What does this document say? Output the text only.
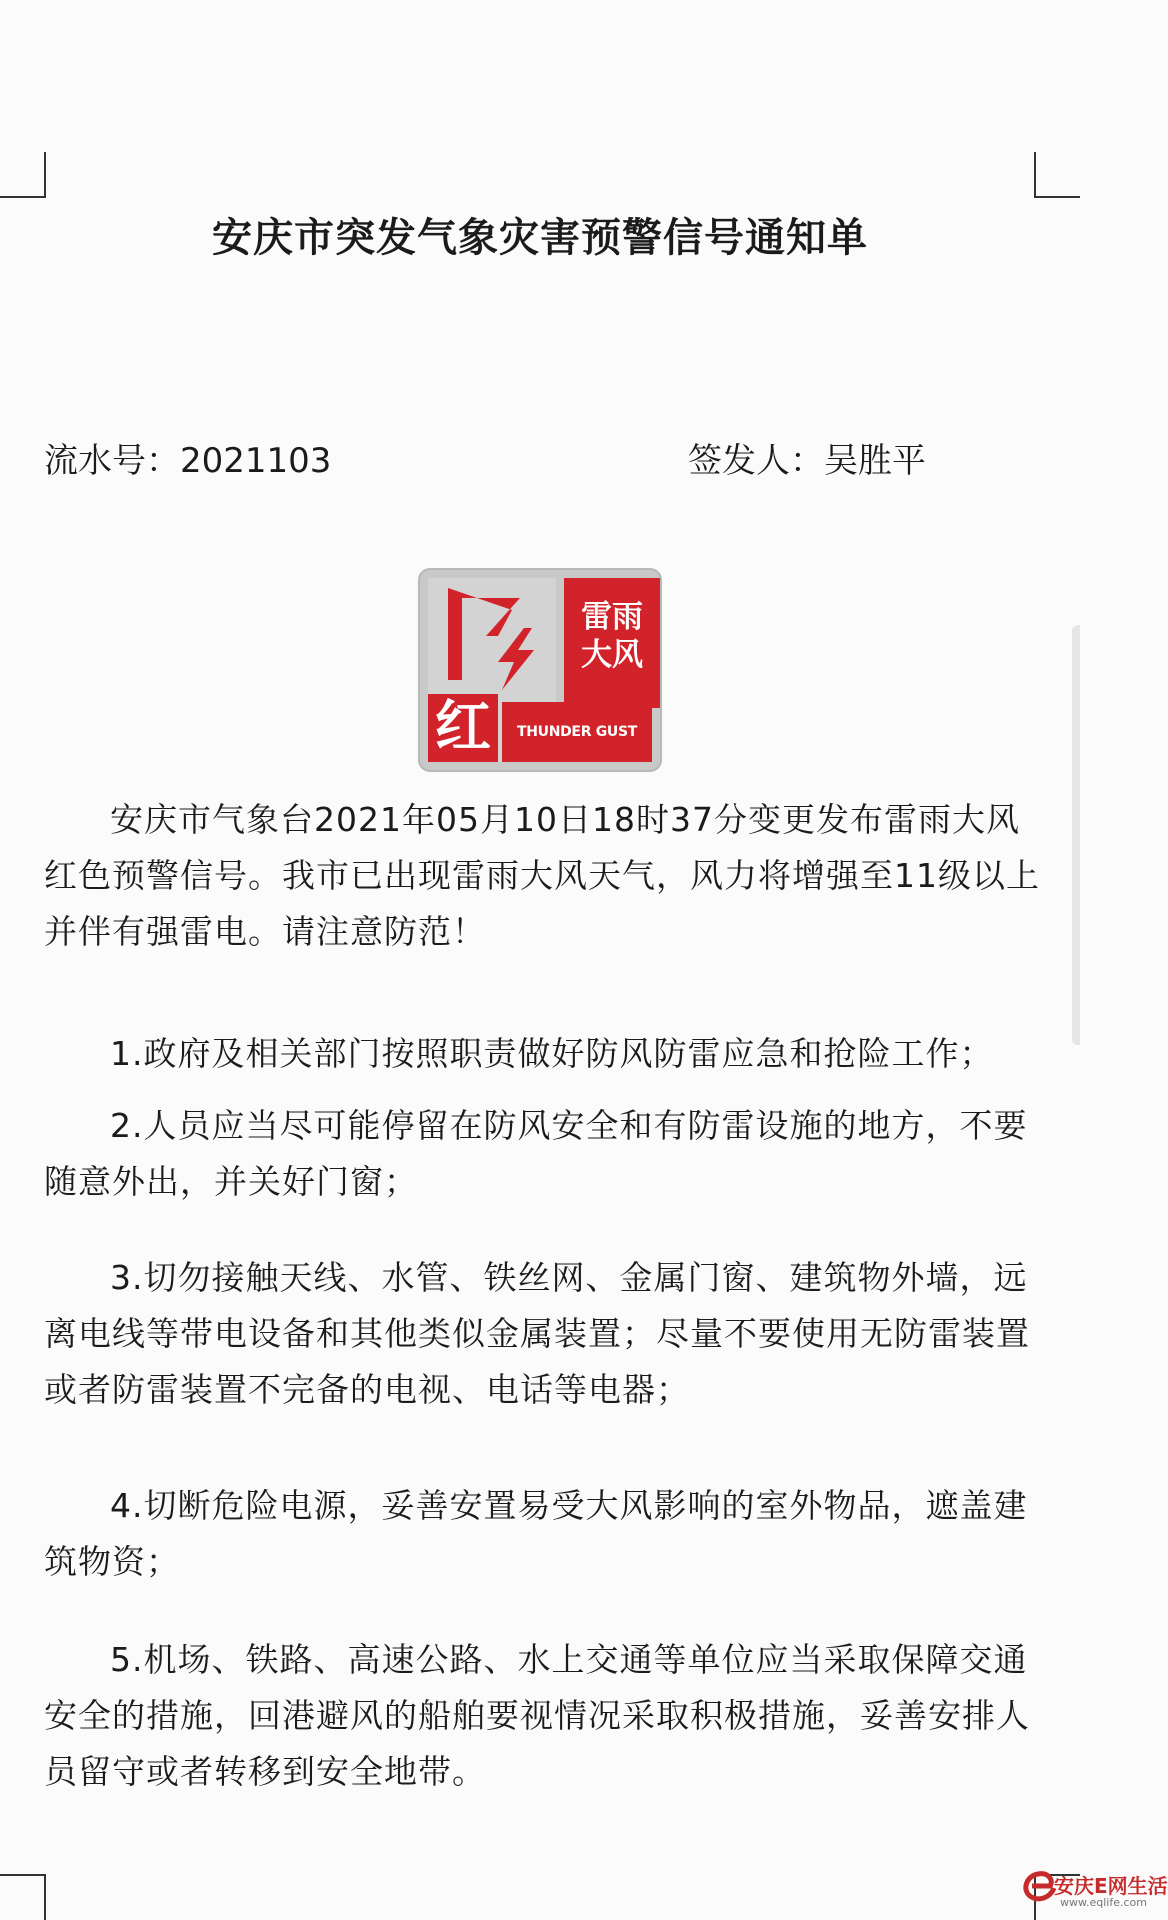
安庆市突发气象灾害预警信号通知单
流水号：2021103	签发人：吴胜平
雷雨
大风
红	THUNDER GUST

安庆市气象台2021年05月10日18时37分变更发布雷雨大风红色预警信号。我市已出现雷雨大风天气，风力将增强至11级以上并伴有强雷电。请注意防范！

1.政府及相关部门按照职责做好防风防雷应急和抢险工作；

2.人员应当尽可能停留在防风安全和有防雷设施的地方，不要随意外出，并关好门窗；

3.切勿接触天线、水管、铁丝网、金属门窗、建筑物外墙，远离电线等带电设备和其他类似金属装置；尽量不要使用无防雷装置或者防雷装置不完备的电视、电话等电器；

4.切断危险电源，妥善安置易受大风影响的室外物品，遮盖建筑物资；

5.机场、铁路、高速公路、水上交通等单位应当采取保障交通安全的措施，回港避风的船舶要视情况采取积极措施，妥善安排人员留守或者转移到安全地带。

安庆E网生活
www.eqlife.com
